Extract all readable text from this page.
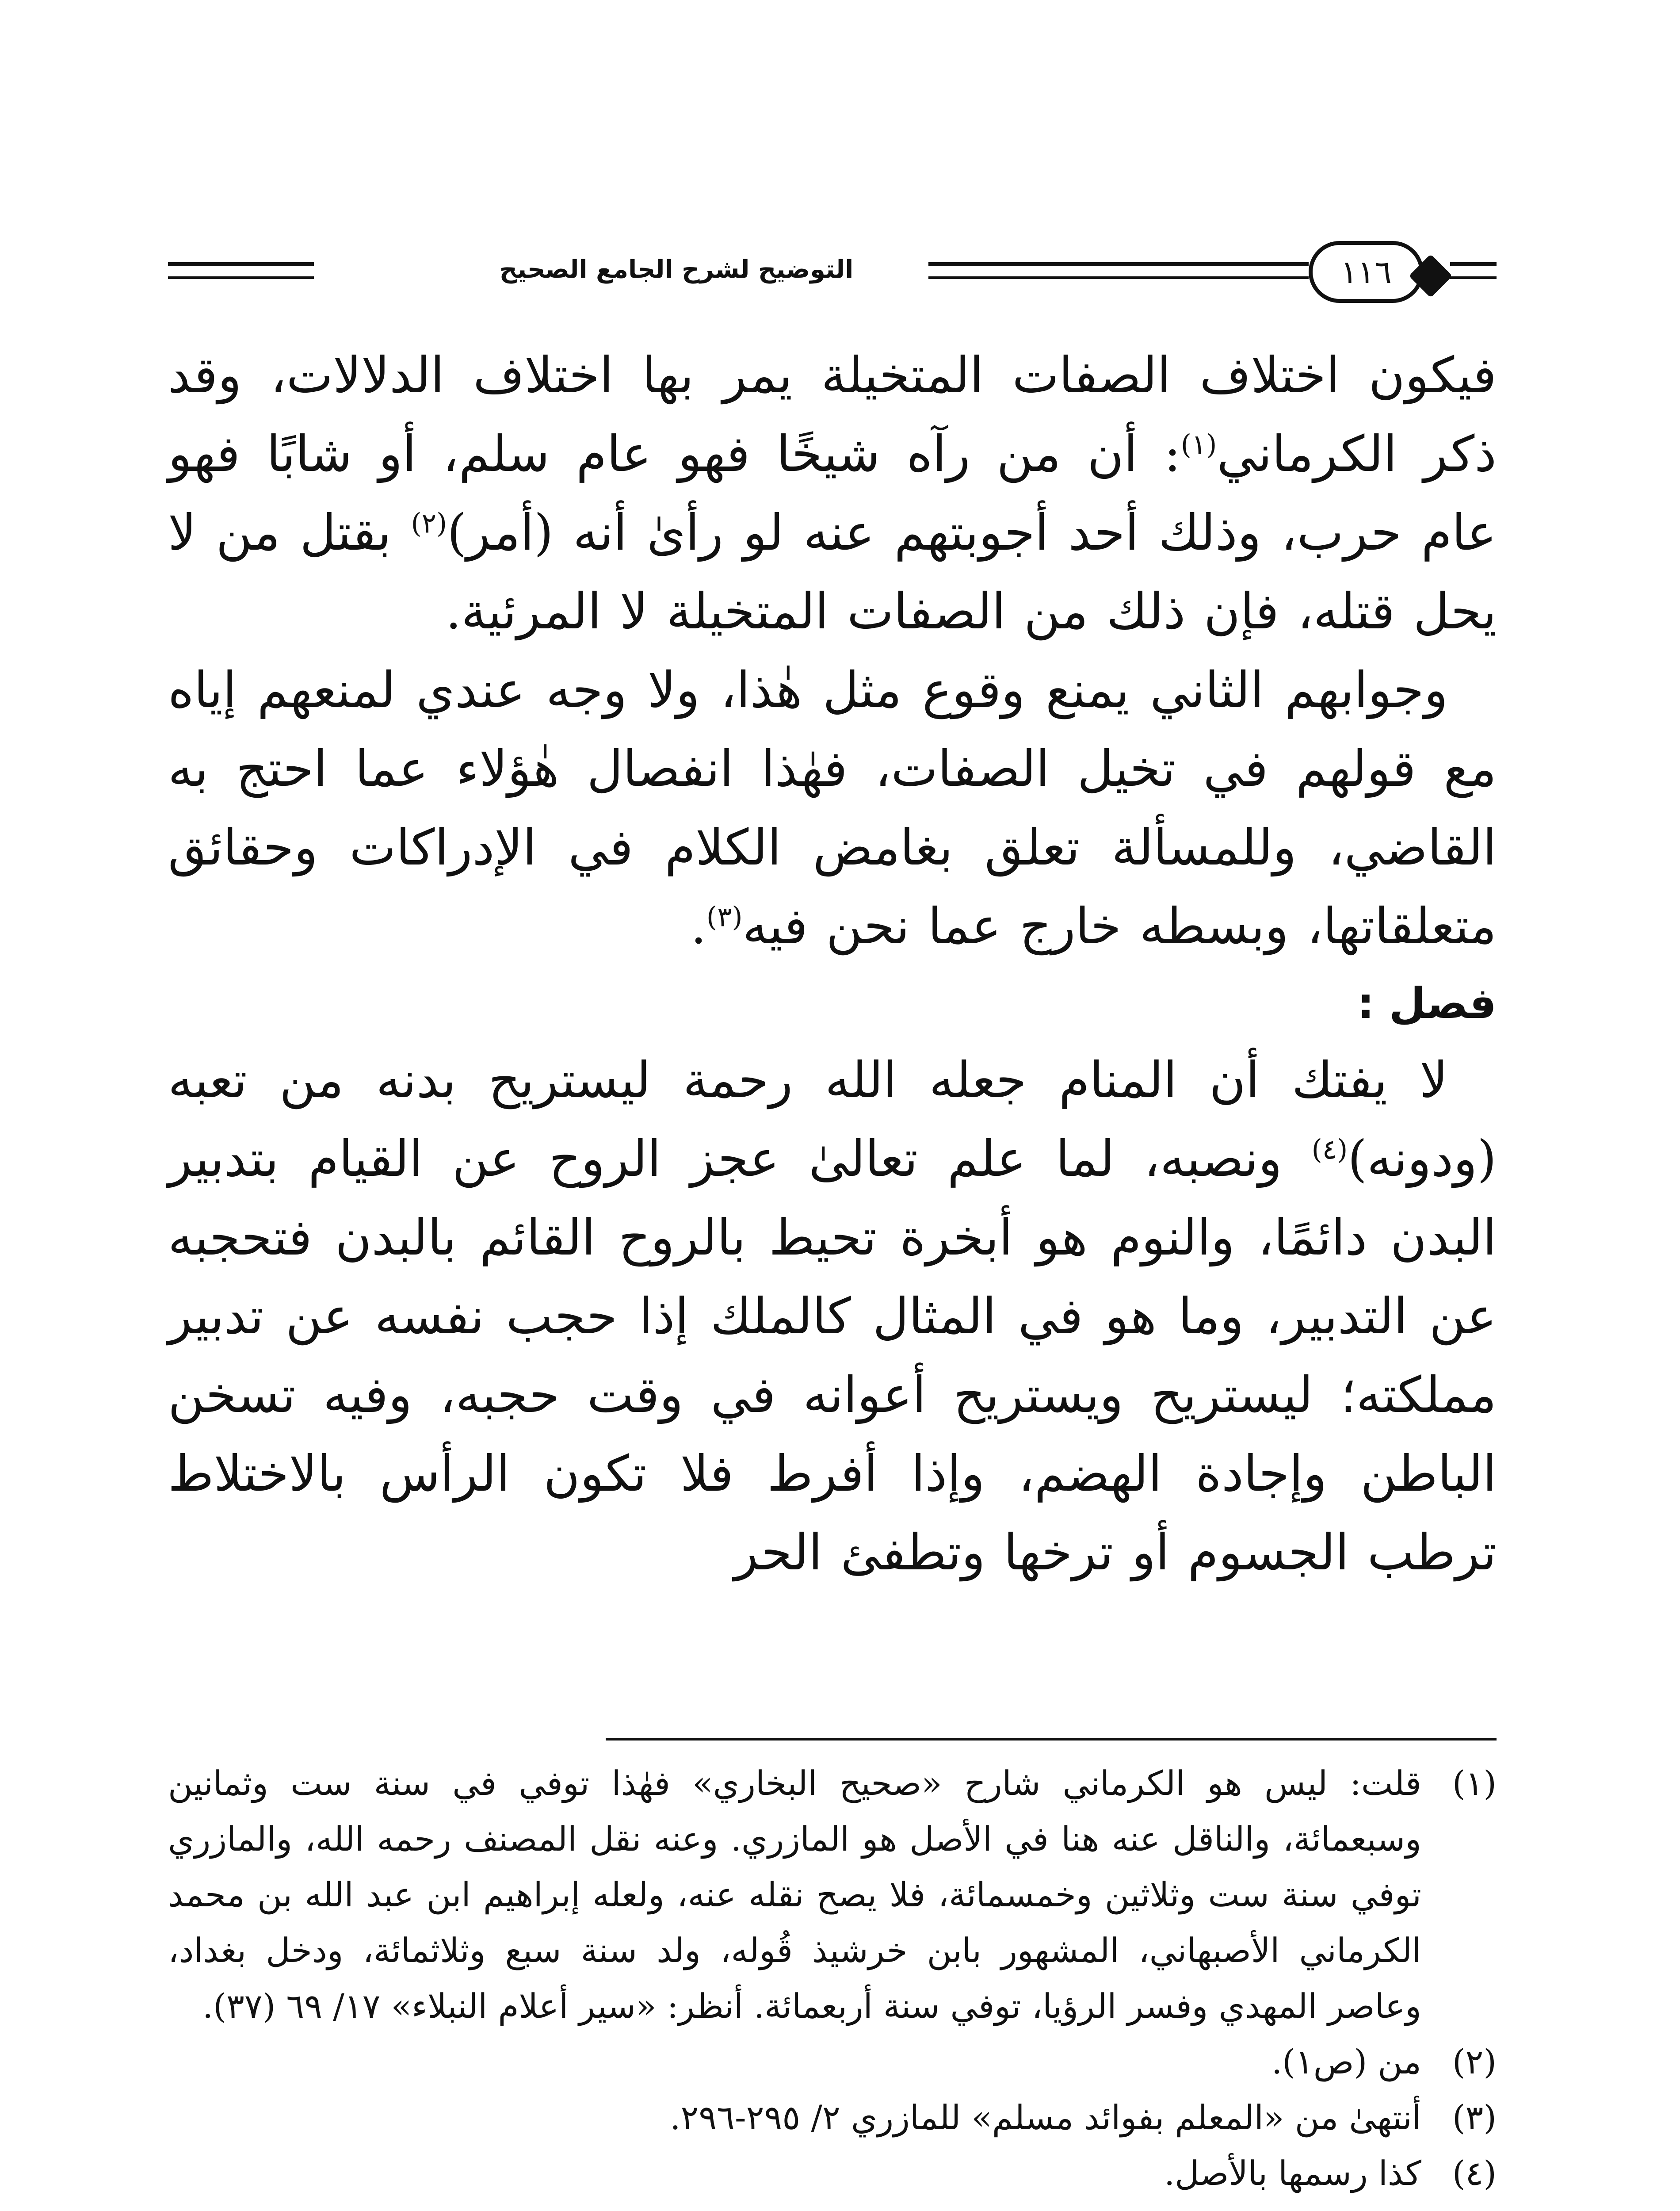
التوضيح لشرح الجامع الصحيح	١١٦

فيكون اختلاف الصفات المتخيلة يمر بها اختلاف الدلالات، وقد ذكر الكرماني$^{(١)}$: أن من رآه شيخًا فهو عام سلم، أو شابًا فهو عام حرب، وذلك أحد أجوبتهم عنه لو رأىٰ أنه (أمر)$^{(٢)}$ بقتل من لا يحل قتله، فإن ذلك من الصفات المتخيلة لا المرئية.

وجوابهم الثاني يمنع وقوع مثل هٰذا، ولا وجه عندي لمنعهم إياه مع قولهم في تخيل الصفات، فهٰذا انفصال هٰؤلاء عما احتج به القاضي، وللمسألة تعلق بغامض الكلام في الإدراكات وحقائق متعلقاتها، وبسطه خارج عما نحن فيه$^{(٣)}$.

فصل :

لا يفتك أن المنام جعله الله رحمة ليستريح بدنه من تعبه (ودونه)$^{(٤)}$ ونصبه، لما علم تعالىٰ عجز الروح عن القيام بتدبير البدن دائمًا، والنوم هو أبخرة تحيط بالروح القائم بالبدن فتحجبه عن التدبير، وما هو في المثال كالملك إذا حجب نفسه عن تدبير مملكته؛ ليستريح ويستريح أعوانه في وقت حجبه، وفيه تسخن الباطن وإجادة الهضم، وإذا أفرط فلا تكون الرأس بالاختلاط ترطب الجسوم أو ترخها وتطفئ الحر

(١)
قلت: ليس هو الكرماني شارح «صحيح البخاري» فهٰذا توفي في سنة ست وثمانين وسبعمائة، والناقل عنه هنا في الأصل هو المازري. وعنه نقل المصنف رحمه الله، والمازري توفي سنة ست وثلاثين وخمسمائة، فلا يصح نقله عنه، ولعله إبراهيم ابن عبد الله بن محمد الكرماني الأصبهاني، المشهور بابن خرشيذ قُوله، ولد سنة سبع وثلاثمائة، ودخل بغداد، وعاصر المهدي وفسر الرؤيا، توفي سنة أربعمائة. أنظر: «سير أعلام النبلاء» ١٧/ ٦٩ (٣٧).
(٢)
من (ص١).
(٣)
أنتهىٰ من «المعلم بفوائد مسلم» للمازري ٢/ ٢٩٥-٢٩٦.
(٤)
كذا رسمها بالأصل.
